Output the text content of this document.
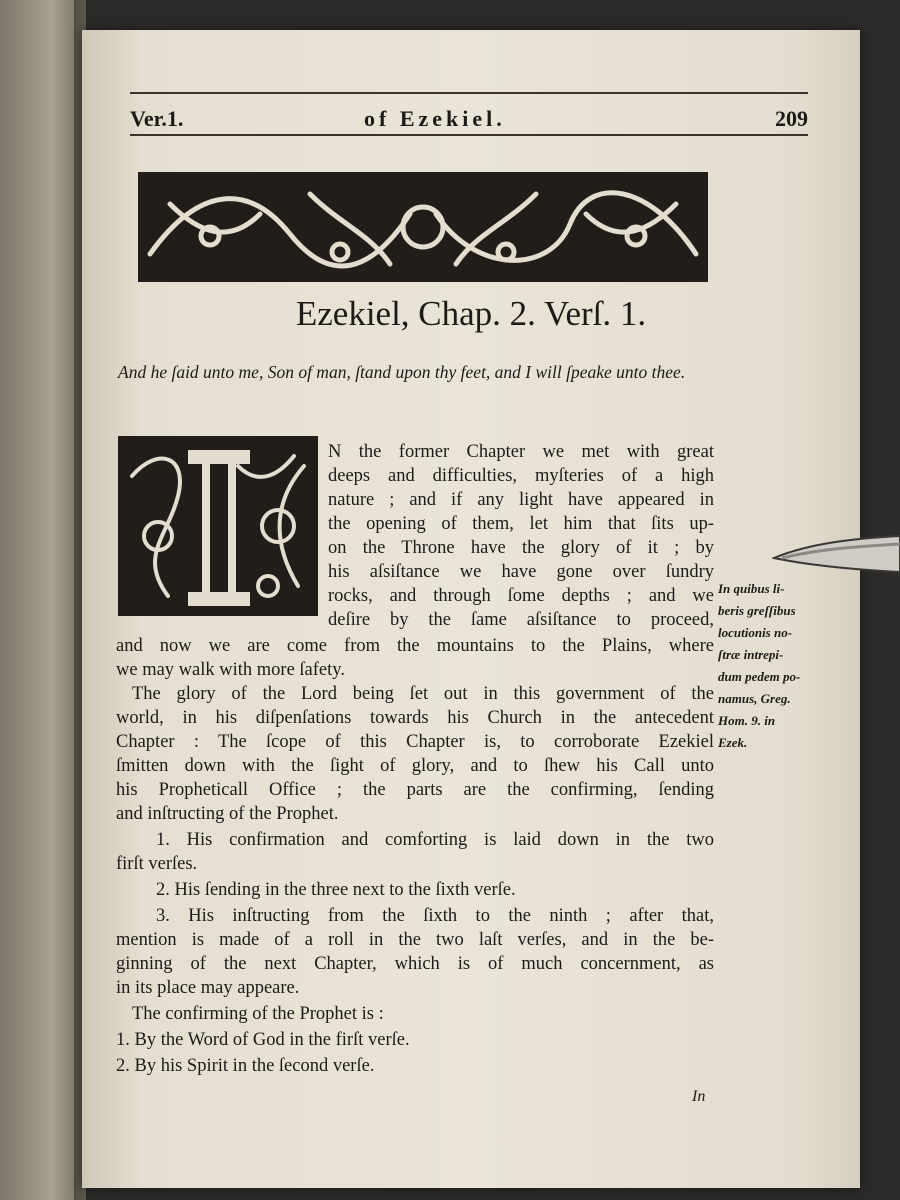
Ver.1.	of Ezekiel.	209
Ezekiel, Chap. 2. Verſ. 1.
And he ſaid unto me, Son of man, ſtand upon thy feet, and I will ſpeake unto thee.
N the former Chapter we met with great
deeps and difficulties, myſteries of a high
nature ; and if any light have appeared in
the opening of them, let him that ſits up-
on the Throne have the glory of it ; by
his aſsiſtance we have gone over ſundry
rocks, and through ſome depths ; and we
deſire by the ſame aſsiſtance to proceed,
and now we are come from the mountains to the Plains, where
we may walk with more ſafety.
The glory of the Lord being ſet out in this government of the
world, in his diſpenſations towards his Church in the antecedent
Chapter : The ſcope of this Chapter is, to corroborate Ezekiel
ſmitten down with the ſight of glory, and to ſhew his Call unto
his Propheticall Office ; the parts are the confirming, ſending
and inſtructing of the Prophet.
1. His confirmation and comforting is laid down in the two
firſt verſes.
2. His ſending in the three next to the ſixth verſe.
3. His inſtructing from the ſixth to the ninth ; after that,
mention is made of a roll in the two laſt verſes, and in the be-
ginning of the next Chapter, which is of much concernment, as
in its place may appeare.
The confirming of the Prophet is :
1. By the Word of God in the firſt verſe.
2. By his Spirit in the ſecond verſe.
In quibus li-
beris greſſibus
locutionis no-
ſtræ intrepi-
dum pedem po-
namus, Greg.
Hom. 9. in
Ezek.
In
